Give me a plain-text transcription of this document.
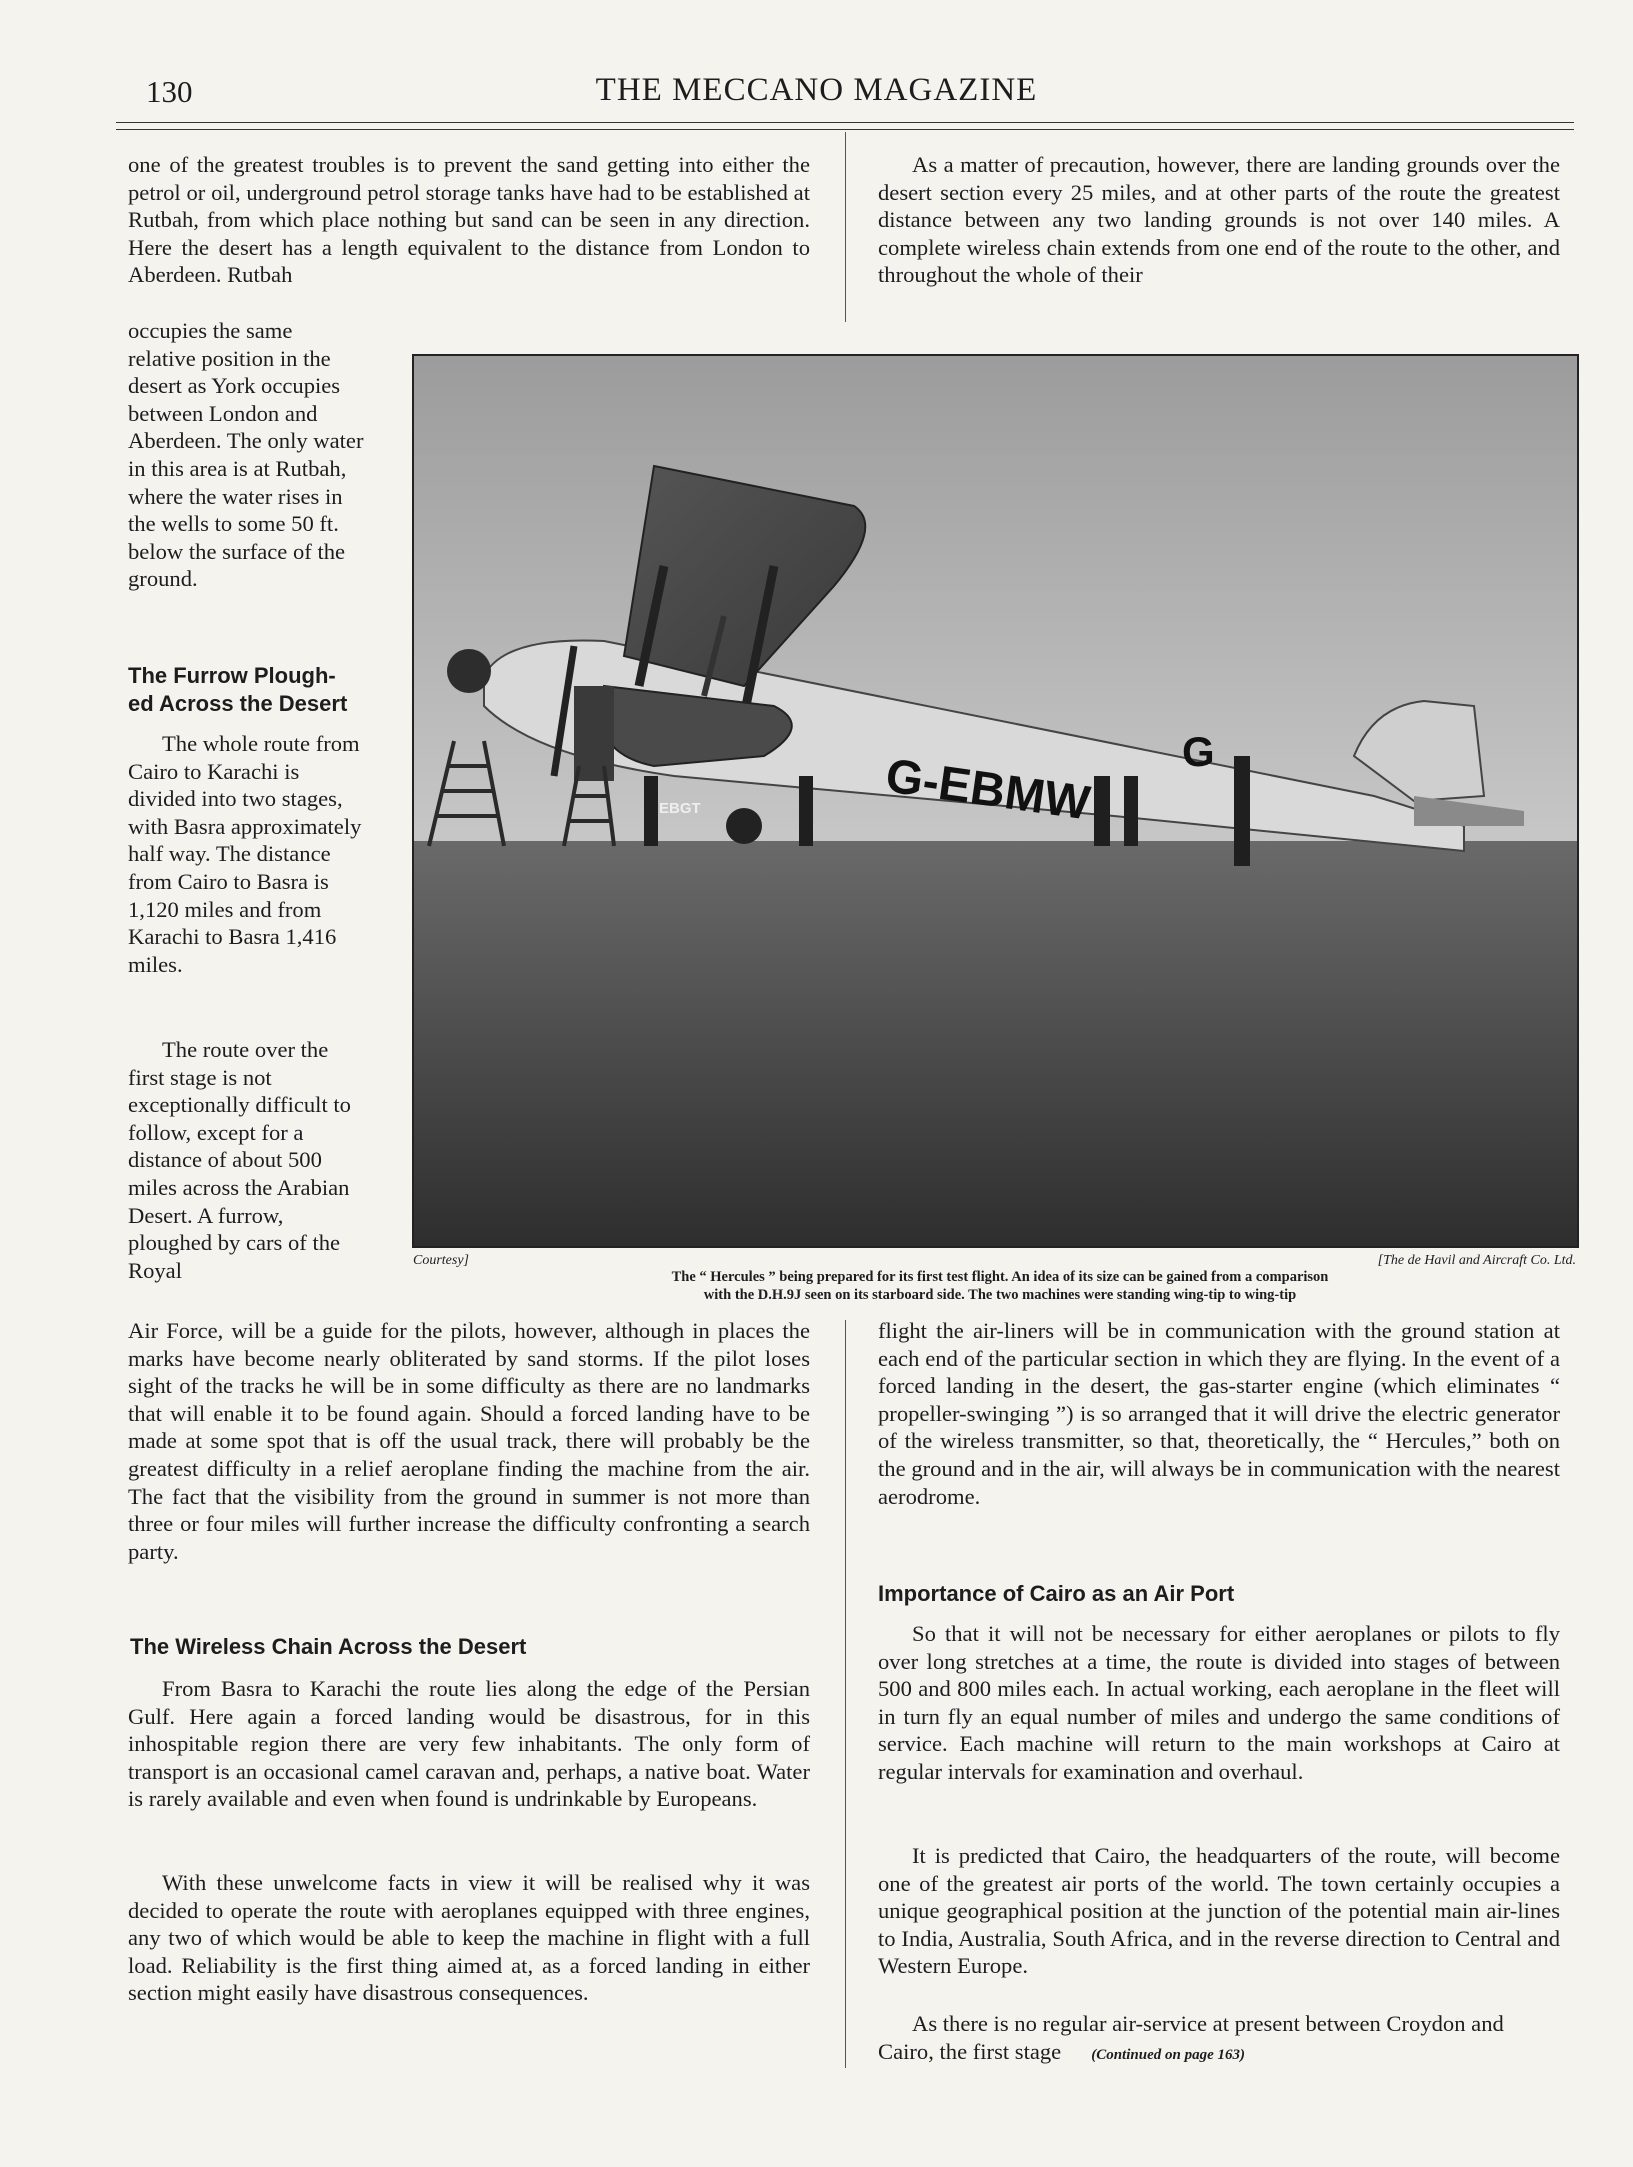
130	THE MECCANO MAGAZINE

one of the greatest troubles is to prevent the sand getting into either the petrol or oil, underground petrol storage tanks have had to be established at Rutbah, from which place nothing but sand can be seen in any direction. Here the desert has a length equivalent to the distance from London to Aberdeen. Rutbah

occupies the same relative position in the desert as York occupies between London and Aberdeen. The only water in this area is at Rutbah, where the water rises in the wells to some 50 ft. below the surface of the ground.

The Furrow Plough-
ed Across the Desert

The whole route from Cairo to Karachi is divided into two stages, with Basra approximately half way. The distance from Cairo to Basra is 1,120 miles and from Karachi to Basra 1,416 miles.

The route over the first stage is not exceptionally difficult to follow, except for a distance of about 500 miles across the Arabian Desert. A furrow, ploughed by cars of the Royal

Air Force, will be a guide for the pilots, however, although in places the marks have become nearly obliterated by sand storms. If the pilot loses sight of the tracks he will be in some difficulty as there are no landmarks that will enable it to be found again. Should a forced landing have to be made at some spot that is off the usual track, there will probably be the greatest difficulty in a relief aeroplane finding the machine from the air. The fact that the visibility from the ground in summer is not more than three or four miles will further increase the difficulty confronting a search party.

The Wireless Chain Across the Desert

From Basra to Karachi the route lies along the edge of the Persian Gulf. Here again a forced landing would be disastrous, for in this inhospitable region there are very few inhabitants. The only form of transport is an occasional camel caravan and, perhaps, a native boat. Water is rarely available and even when found is undrinkable by Europeans.

With these unwelcome facts in view it will be realised why it was decided to operate the route with aeroplanes equipped with three engines, any two of which would be able to keep the machine in flight with a full load. Reliability is the first thing aimed at, as a forced landing in either section might easily have disastrous consequences.

As a matter of precaution, however, there are landing grounds over the desert section every 25 miles, and at other parts of the route the greatest distance between any two landing grounds is not over 140 miles. A complete wireless chain extends from one end of the route to the other, and throughout the whole of their

G-EBMW
EBGT
G
Courtesy]	[The de Havil and Aircraft Co. Ltd.
The “ Hercules ” being prepared for its first test flight. An idea of its size can be gained from a comparison
with the D.H.9J seen on its starboard side. The two machines were standing wing-tip to wing-tip

flight the air-liners will be in communication with the ground station at each end of the particular section in which they are flying. In the event of a forced landing in the desert, the gas-starter engine (which eliminates “ propeller-swinging ”) is so arranged that it will drive the electric generator of the wireless transmitter, so that, theoretically, the “ Hercules,” both on the ground and in the air, will always be in communication with the nearest aerodrome.

Importance of Cairo as an Air Port

So that it will not be necessary for either aeroplanes or pilots to fly over long stretches at a time, the route is divided into stages of between 500 and 800 miles each. In actual working, each aeroplane in the fleet will in turn fly an equal number of miles and undergo the same conditions of service. Each machine will return to the main workshops at Cairo at regular intervals for examination and overhaul.

It is predicted that Cairo, the headquarters of the route, will become one of the greatest air ports of the world. The town certainly occupies a unique geographical position at the junction of the potential main air-lines to India, Australia, South Africa, and in the reverse direction to Central and Western Europe.

As there is no regular air-service at present between Croydon and Cairo, the first stage (Continued on page 163)
